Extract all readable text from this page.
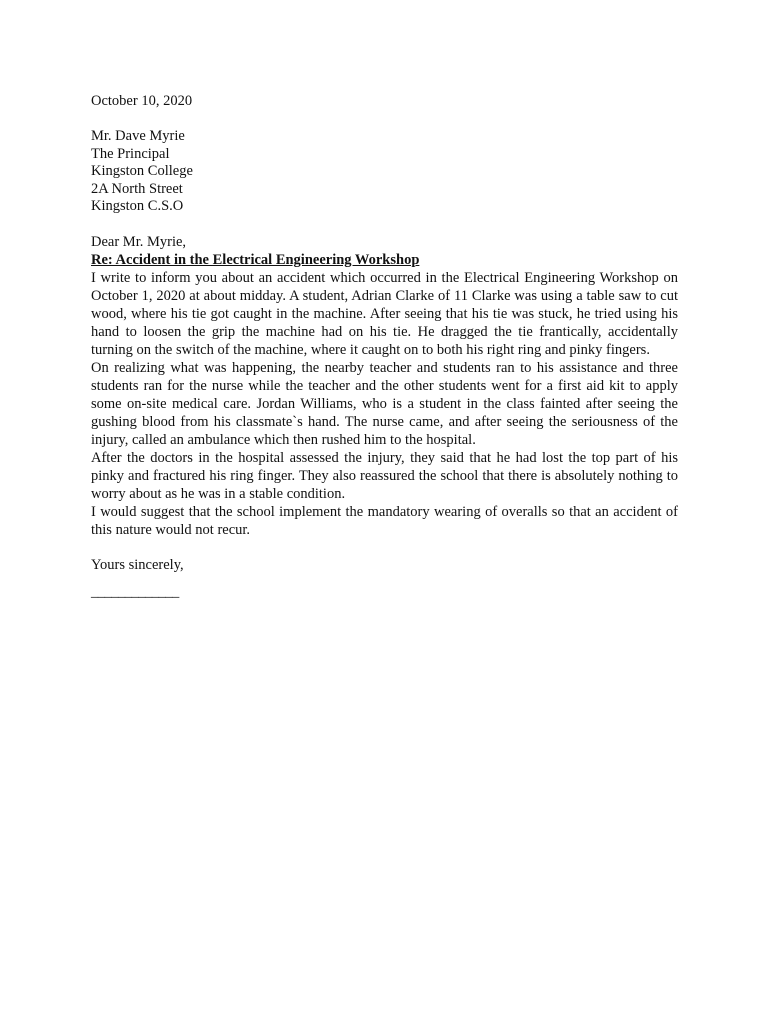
October 10, 2020

Mr. Dave Myrie

The Principal

Kingston College

2A North Street

Kingston C.S.O

Dear Mr. Myrie,

Re: Accident in the Electrical Engineering Workshop

I write to inform you about an accident which occurred in the Electrical Engineering Workshop on October 1, 2020 at about midday. A student, Adrian Clarke of 11 Clarke was using a table saw to cut wood, where his tie got caught in the machine. After seeing that his tie was stuck, he tried using his hand to loosen the grip the machine had on his tie. He dragged the tie frantically, accidentally turning on the switch of the machine, where it caught on to both his right ring and pinky fingers.

On realizing what was happening, the nearby teacher and students ran to his assistance and three students ran for the nurse while the teacher and the other students went for a first aid kit to apply some on-site medical care. Jordan Williams, who is a student in the class fainted after seeing the gushing blood from his classmate`s hand. The nurse came, and after seeing the seriousness of the injury, called an ambulance which then rushed him to the hospital.

After the doctors in the hospital assessed the injury, they said that he had lost the top part of his pinky and fractured his ring finger. They also reassured the school that there is absolutely nothing to worry about as he was in a stable condition.

I would suggest that the school implement the mandatory wearing of overalls so that an accident of this nature would not recur.

Yours sincerely,

_____________
